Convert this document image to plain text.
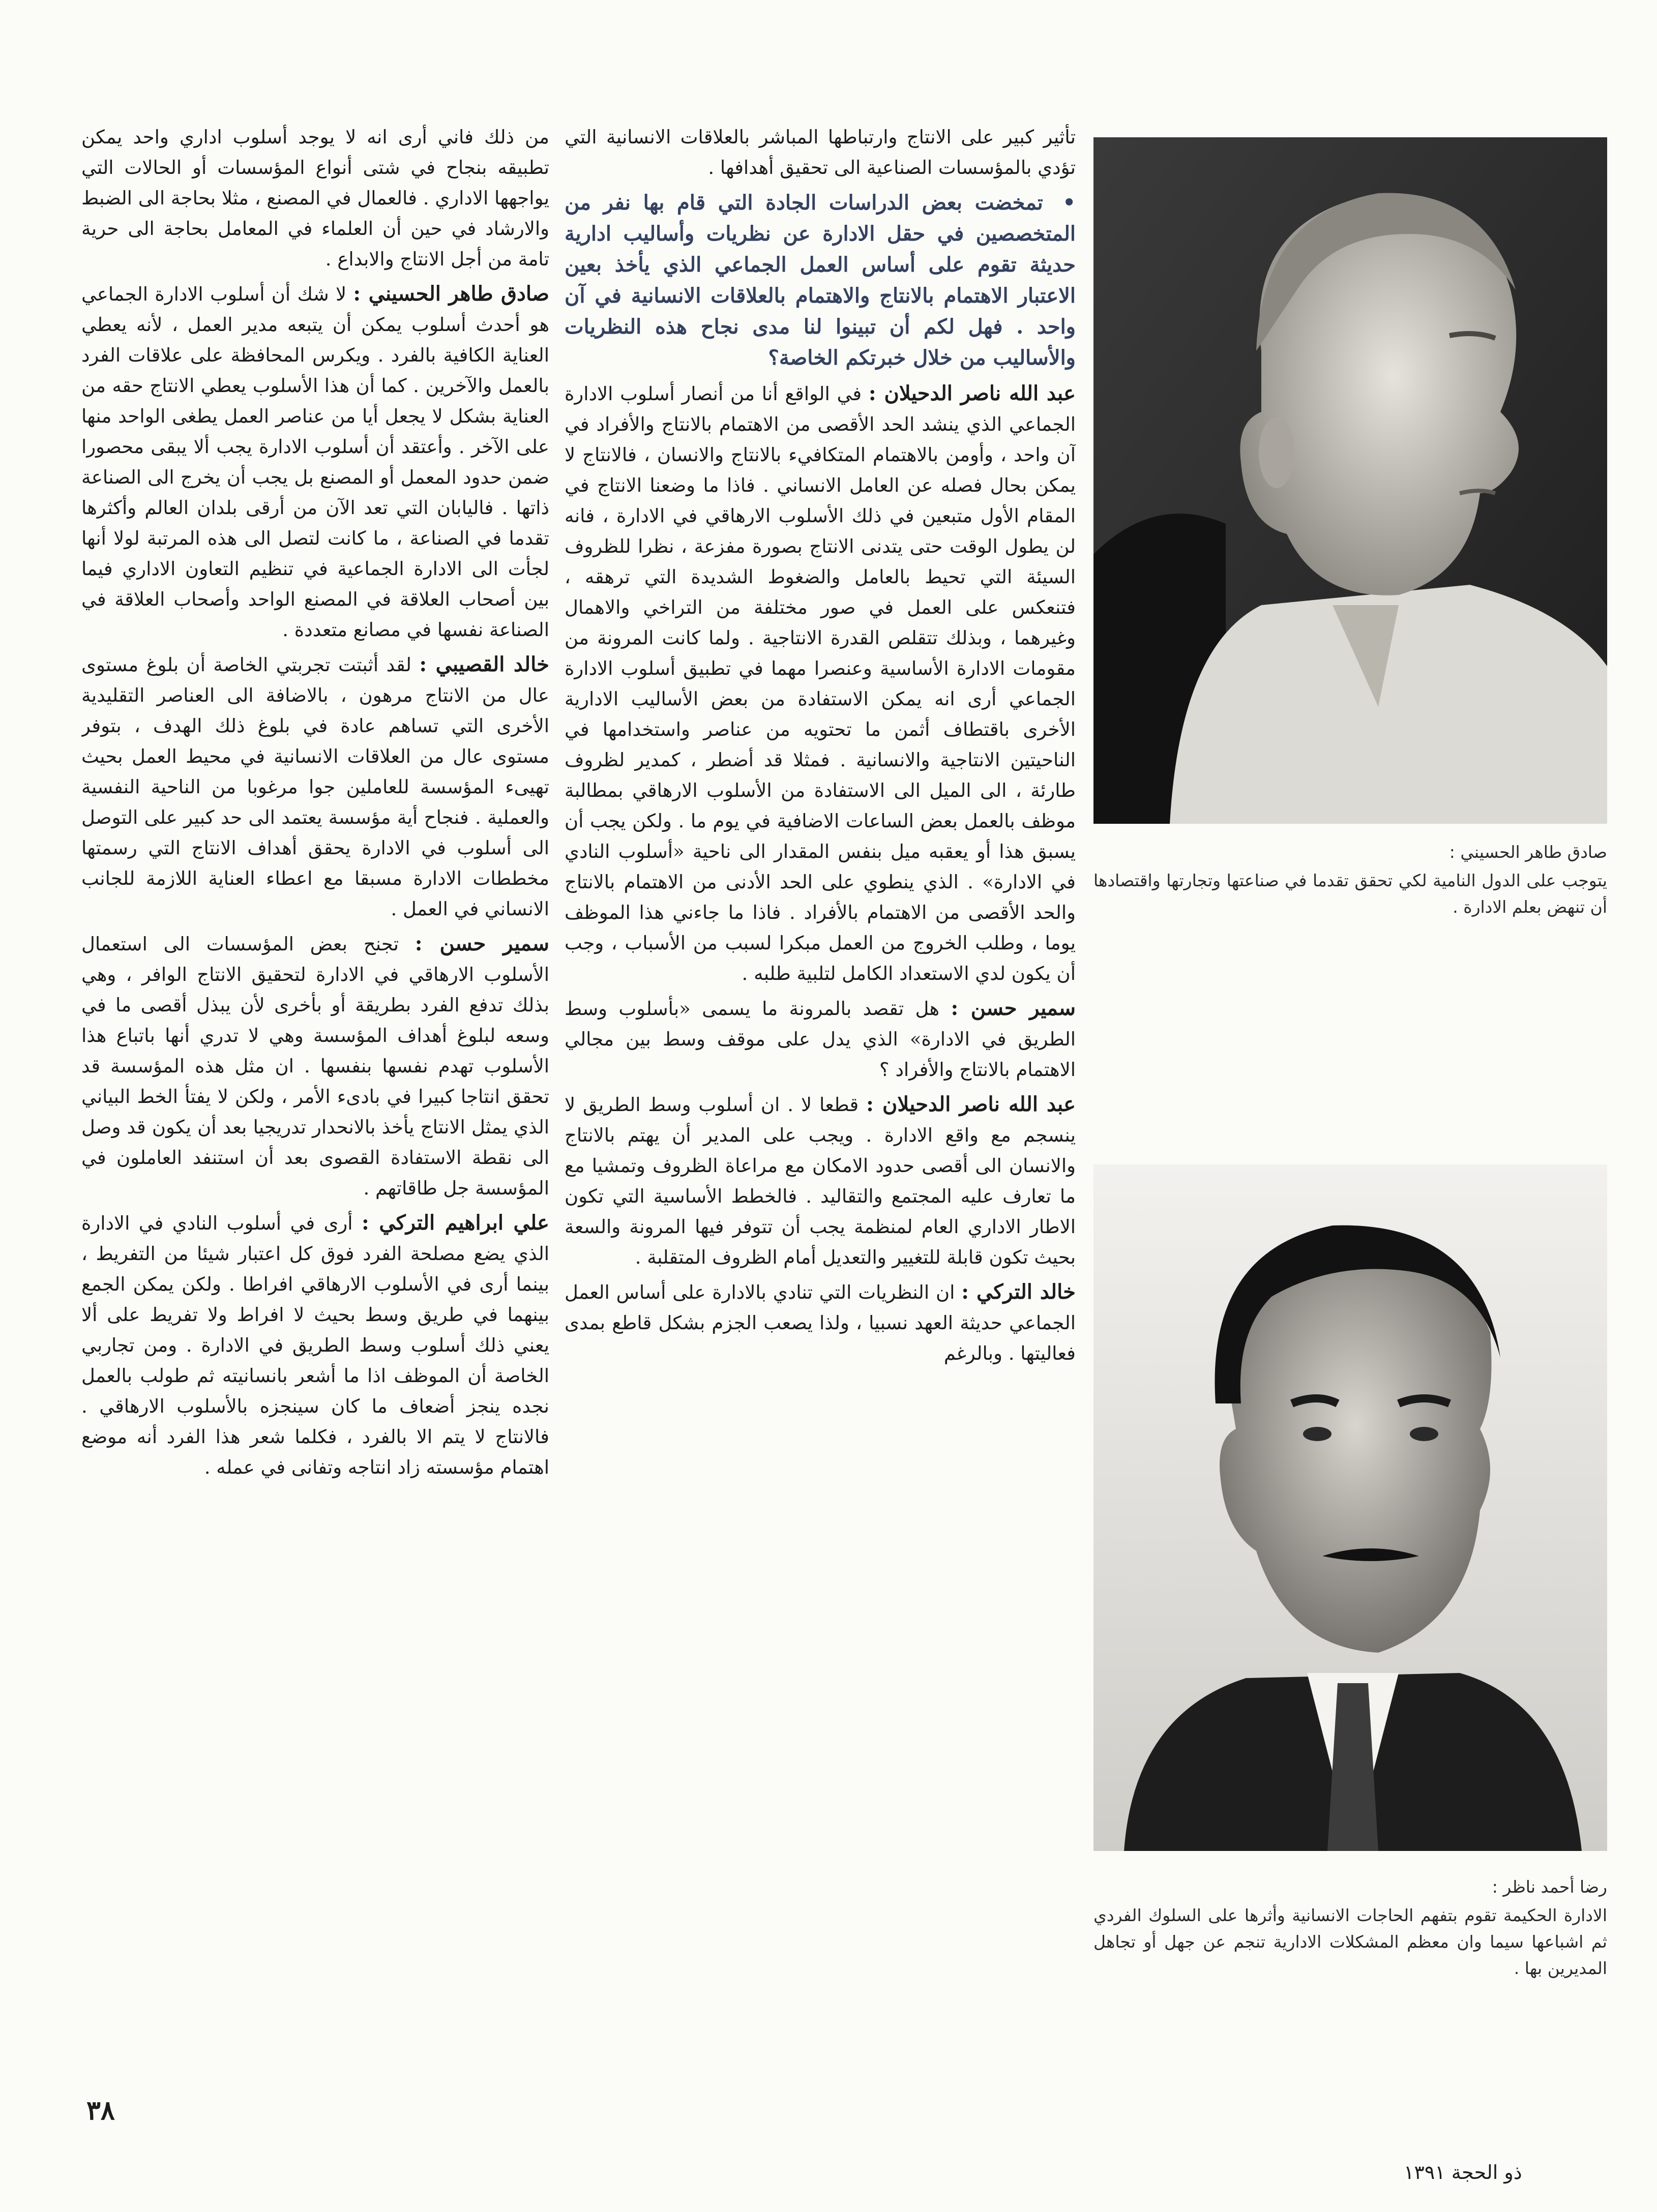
تأثير كبير على الانتاج وارتباطها المباشر بالعلاقات الانسانية التي تؤدي بالمؤسسات الصناعية الى تحقيق أهدافها .

• تمخضت بعض الدراسات الجادة التي قام بها نفر من المتخصصين في حقل الادارة عن نظريات وأساليب ادارية حديثة تقوم على أساس العمل الجماعي الذي يأخذ بعين الاعتبار الاهتمام بالانتاج والاهتمام بالعلاقات الانسانية في آن واحد . فهل لكم أن تبينوا لنا مدى نجاح هذه النظريات والأساليب من خلال خبرتكم الخاصة؟

عبد الله ناصر الدحيلان : في الواقع أنا من أنصار أسلوب الادارة الجماعي الذي ينشد الحد الأقصى من الاهتمام بالانتاج والأفراد في آن واحد ، وأومن بالاهتمام المتكافيء بالانتاج والانسان ، فالانتاج لا يمكن بحال فصله عن العامل الانساني . فاذا ما وضعنا الانتاج في المقام الأول متبعين في ذلك الأسلوب الارهاقي في الادارة ، فانه لن يطول الوقت حتى يتدنى الانتاج بصورة مفزعة ، نظرا للظروف السيئة التي تحيط بالعامل والضغوط الشديدة التي ترهقه ، فتنعكس على العمل في صور مختلفة من التراخي والاهمال وغيرهما ، وبذلك تتقلص القدرة الانتاجية . ولما كانت المرونة من مقومات الادارة الأساسية وعنصرا مهما في تطبيق أسلوب الادارة الجماعي أرى انه يمكن الاستفادة من بعض الأساليب الادارية الأخرى باقتطاف أثمن ما تحتويه من عناصر واستخدامها في الناحيتين الانتاجية والانسانية . فمثلا قد أضطر ، كمدير لظروف طارئة ، الى الميل الى الاستفادة من الأسلوب الارهاقي بمطالبة موظف بالعمل بعض الساعات الاضافية في يوم ما . ولكن يجب أن يسبق هذا أو يعقبه ميل بنفس المقدار الى ناحية «أسلوب النادي في الادارة» . الذي ينطوي على الحد الأدنى من الاهتمام بالانتاج والحد الأقصى من الاهتمام بالأفراد . فاذا ما جاءني هذا الموظف يوما ، وطلب الخروج من العمل مبكرا لسبب من الأسباب ، وجب أن يكون لدي الاستعداد الكامل لتلبية طلبه .

سمير حسن : هل تقصد بالمرونة ما يسمى «بأسلوب وسط الطريق في الادارة» الذي يدل على موقف وسط بين مجالي الاهتمام بالانتاج والأفراد ؟

عبد الله ناصر الدحيلان : قطعا لا . ان أسلوب وسط الطريق لا ينسجم مع واقع الادارة . ويجب على المدير أن يهتم بالانتاج والانسان الى أقصى حدود الامكان مع مراعاة الظروف وتمشيا مع ما تعارف عليه المجتمع والتقاليد . فالخطط الأساسية التي تكون الاطار الاداري العام لمنظمة يجب أن تتوفر فيها المرونة والسعة بحيث تكون قابلة للتغيير والتعديل أمام الظروف المتقلبة .

خالد التركي : ان النظريات التي تنادي بالادارة على أساس العمل الجماعي حديثة العهد نسبيا ، ولذا يصعب الجزم بشكل قاطع بمدى فعاليتها . وبالرغم

من ذلك فاني أرى انه لا يوجد أسلوب اداري واحد يمكن تطبيقه بنجاح في شتى أنواع المؤسسات أو الحالات التي يواجهها الاداري . فالعمال في المصنع ، مثلا بحاجة الى الضبط والارشاد في حين أن العلماء في المعامل بحاجة الى حرية تامة من أجل الانتاج والابداع .

صادق طاهر الحسيني : لا شك أن أسلوب الادارة الجماعي هو أحدث أسلوب يمكن أن يتبعه مدير العمل ، لأنه يعطي العناية الكافية بالفرد . ويكرس المحافظة على علاقات الفرد بالعمل والآخرين . كما أن هذا الأسلوب يعطي الانتاج حقه من العناية بشكل لا يجعل أيا من عناصر العمل يطغى الواحد منها على الآخر . وأعتقد أن أسلوب الادارة يجب ألا يبقى محصورا ضمن حدود المعمل أو المصنع بل يجب أن يخرج الى الصناعة ذاتها . فاليابان التي تعد الآن من أرقى بلدان العالم وأكثرها تقدما في الصناعة ، ما كانت لتصل الى هذه المرتبة لولا أنها لجأت الى الادارة الجماعية في تنظيم التعاون الاداري فيما بين أصحاب العلاقة في المصنع الواحد وأصحاب العلاقة في الصناعة نفسها في مصانع متعددة .

خالد القصيبي : لقد أثبتت تجربتي الخاصة أن بلوغ مستوى عال من الانتاج مرهون ، بالاضافة الى العناصر التقليدية الأخرى التي تساهم عادة في بلوغ ذلك الهدف ، بتوفر مستوى عال من العلاقات الانسانية في محيط العمل بحيث تهيىء المؤسسة للعاملين جوا مرغوبا من الناحية النفسية والعملية . فنجاح أية مؤسسة يعتمد الى حد كبير على التوصل الى أسلوب في الادارة يحقق أهداف الانتاج التي رسمتها مخططات الادارة مسبقا مع اعطاء العناية اللازمة للجانب الانساني في العمل .

سمير حسن : تجنح بعض المؤسسات الى استعمال الأسلوب الارهاقي في الادارة لتحقيق الانتاج الوافر ، وهي بذلك تدفع الفرد بطريقة أو بأخرى لأن يبذل أقصى ما في وسعه لبلوغ أهداف المؤسسة وهي لا تدري أنها باتباع هذا الأسلوب تهدم نفسها بنفسها . ان مثل هذه المؤسسة قد تحقق انتاجا كبيرا في بادىء الأمر ، ولكن لا يفتأ الخط البياني الذي يمثل الانتاج يأخذ بالانحدار تدريجيا بعد أن يكون قد وصل الى نقطة الاستفادة القصوى بعد أن استنفد العاملون في المؤسسة جل طاقاتهم .

علي ابراهيم التركي : أرى في أسلوب النادي في الادارة الذي يضع مصلحة الفرد فوق كل اعتبار شيئا من التفريط ، بينما أرى في الأسلوب الارهاقي افراطا . ولكن يمكن الجمع بينهما في طريق وسط بحيث لا افراط ولا تفريط على ألا يعني ذلك أسلوب وسط الطريق في الادارة . ومن تجاربي الخاصة أن الموظف اذا ما أشعر بانسانيته ثم طولب بالعمل نجده ينجز أضعاف ما كان سينجزه بالأسلوب الارهاقي . فالانتاج لا يتم الا بالفرد ، فكلما شعر هذا الفرد أنه موضع اهتمام مؤسسته زاد انتاجه وتفانى في عمله .

صادق طاهر الحسيني :
يتوجب على الدول النامية لكي تحقق تقدما في صناعتها وتجارتها واقتصادها أن تنهض بعلم الادارة .
رضا أحمد ناظر :
الادارة الحكيمة تقوم بتفهم الحاجات الانسانية وأثرها على السلوك الفردي ثم اشباعها سيما وان معظم المشكلات الادارية تنجم عن جهل أو تجاهل المديرين بها .
٣٨
ذو الحجة ١٣٩١
